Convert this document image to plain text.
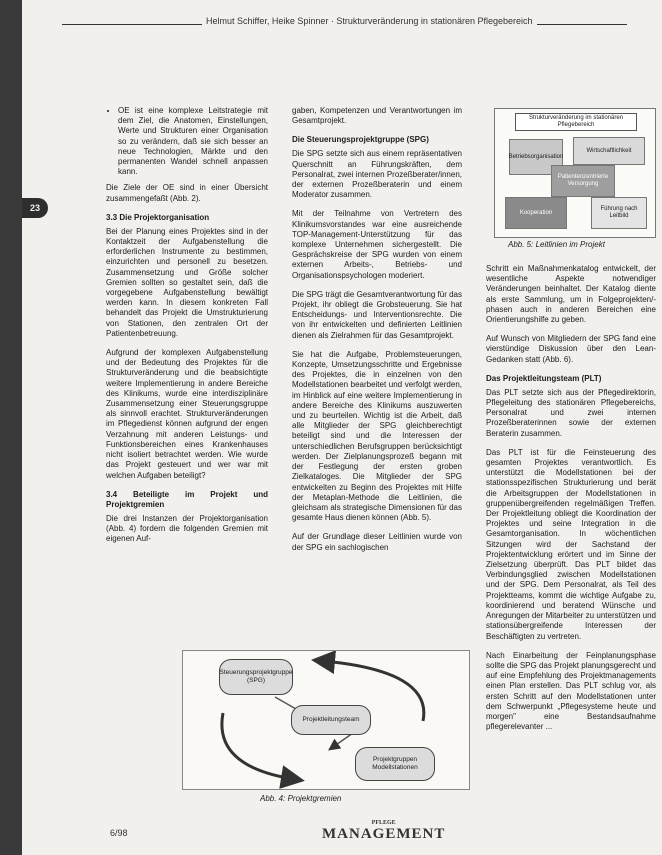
Helmut Schiffer, Heike Spinner · Strukturveränderung in stationären Pflegebereich
23
• OE ist eine komplexe Leitstrategie mit dem Ziel, die Anatomen, Einstellungen, Werte und Strukturen einer Organisation so zu verändern, daß sie sich besser an neue Technologien, Märkte und den permanenten Wandel schnell anpassen kann.

Die Ziele der OE sind in einer Übersicht zusammengefaßt (Abb. 2).

3.3 Die Projektorganisation

Bei der Planung eines Projektes sind in der Kontaktzeit der Aufgabenstellung die erforderlichen Instrumente zu bestimmen, einzurichten und personell zu besetzen. Zusammensetzung und Größe solcher Gremien sollten so gestaltet sein, daß die vorgegebene Aufgabenstellung bewältigt werden kann. In diesem konkreten Fall behandelt das Projekt die Umstrukturierung von Stationen, den zentralen Ort der Patientenbetreuung.

Aufgrund der komplexen Aufgabenstellung und der Bedeutung des Projektes für die Strukturveränderung und die beabsichtigte weitere Implementierung in andere Bereiche des Klinikums, wurde eine interdisziplinäre Zusammensetzung einer Steuerungsgruppe als sinnvoll erachtet. Strukturveränderungen im Pflegedienst können aufgrund der engen Verzahnung mit anderen Leistungs- und Funktionsbereichen eines Krankenhauses nicht isoliert betrachtet werden. Wie wurde das Projekt gesteuert und wer war mit welchen Aufgaben beteiligt?

3.4 Beteiligte im Projekt und Projektgremien

Die drei Instanzen der Projektorganisation (Abb. 4) fordern die folgenden Gremien mit eigenen Auf-

gaben, Kompetenzen und Verantwortungen im Gesamtprojekt.

Die Steuerungsprojektgruppe (SPG)

Die SPG setzte sich aus einem repräsentativen Querschnitt an Führungskräften, dem Personalrat, zwei internen Prozeßberater/innen, der externen Prozeßberaterin und einem Moderator zusammen.

Mit der Teilnahme von Vertretern des Klinikumsvorstandes war eine ausreichende TOP-Management-Unterstützung für das komplexe Unternehmen sichergestellt. Die Gesprächskreise der SPG wurden von einem externen Arbeits-, Betriebs- und Organisationspsychologen moderiert.

Die SPG trägt die Gesamtverantwortung für das Projekt, ihr obliegt die Grobsteuerung. Sie hat Entscheidungs- und Interventionsrechte. Die von ihr entwickelten und definierten Leitlinien dienen als Zielrahmen für das Gesamtprojekt.

Sie hat die Aufgabe, Problemsteuerungen, Konzepte, Umsetzungsschritte und Ergebnisse des Projektes, die in einzelnen von den Modellstationen bearbeitet und verfolgt werden, im Hinblick auf eine weitere Implementierung in andere Bereiche des Klinikums auszuwerten und zu beurteilen. Wichtig ist die Arbeit, daß alle Mitglieder der SPG gleichberechtigt beteiligt sind und die Interessen der unterschiedlichen Berufsgruppen berücksichtigt werden. Der Zielplanungsprozeß begann mit der Festlegung der ersten groben Zielkataloges. Die Mitglieder der SPG entwickelten zu Beginn des Projektes mit Hilfe der Metaplan-Methode die Leitlinien, die gleichsam als strategische Dimensionen für das gesamte Haus dienen können (Abb. 5).

Auf der Grundlage dieser Leitlinien wurde von der SPG ein sachlogischen

Strukturveränderung im stationären Pflegebereich
Betriebsorganisation
Wirtschaftlichkeit
Patientenzentrierte Versorgung
Kooperation
Führung nach Leitbild
Abb. 5: Leitlinien im Projekt

Schritt ein Maßnahmenkatalog entwickelt, der wesentliche Aspekte notwendiger Veränderungen beinhaltet. Der Katalog diente als erste Sammlung, um in Folgeprojekten/-phasen auch in anderen Bereichen eine Orientierungshilfe zu geben.

Auf Wunsch von Mitgliedern der SPG fand eine vierstündige Diskussion über den Lean-Gedanken statt (Abb. 6).

Das Projektleitungsteam (PLT)

Das PLT setzte sich aus der Pflegedirektorin, Pflegeleitung des stationären Pflegebereichs, Personalrat und zwei internen Prozeßberaterinnen sowie der externen Beraterin zusammen.

Das PLT ist für die Feinsteuerung des gesamten Projektes verantwortlich. Es unterstützt die Modellstationen bei der stationsspezifischen Strukturierung und berät die Arbeitsgruppen der Modellstationen in gruppenübergreifenden regelmäßigen Treffen. Der Projektleitung obliegt die Koordination der Projektes und seine Integration in die Gesamtorganisation. In wöchentlichen Sitzungen wird der Sachstand der Projektentwicklung erörtert und im Sinne der Zielsetzung überprüft. Das PLT bildet das Verbindungsglied zwischen Modellstationen und der SPG. Dem Personalrat, als Teil des Projektteams, kommt die wichtige Aufgabe zu, koordinierend und beratend Wünsche und Anregungen der Mitarbeiter zu unterstützen und stationsübergreifende Interessen der Beschäftigten zu vertreten.

Nach Einarbeitung der Feinplanungsphase sollte die SPG das Projekt planungsgerecht und auf eine Empfehlung des Projektmanagements einen Plan erstellen. Das PLT schlug vor, als ersten Schritt auf den Modellstationen unter dem Schwerpunkt „Pflegesysteme heute und morgen" eine Bestandsaufnahme pflegerelevanter ...

Steuerungsprojektgruppe (SPG)
Projektleitungsteam
Projektgruppen Modellstationen
Abb. 4: Projektgremien
6/98
PFLEGE
MANAGEMENT
